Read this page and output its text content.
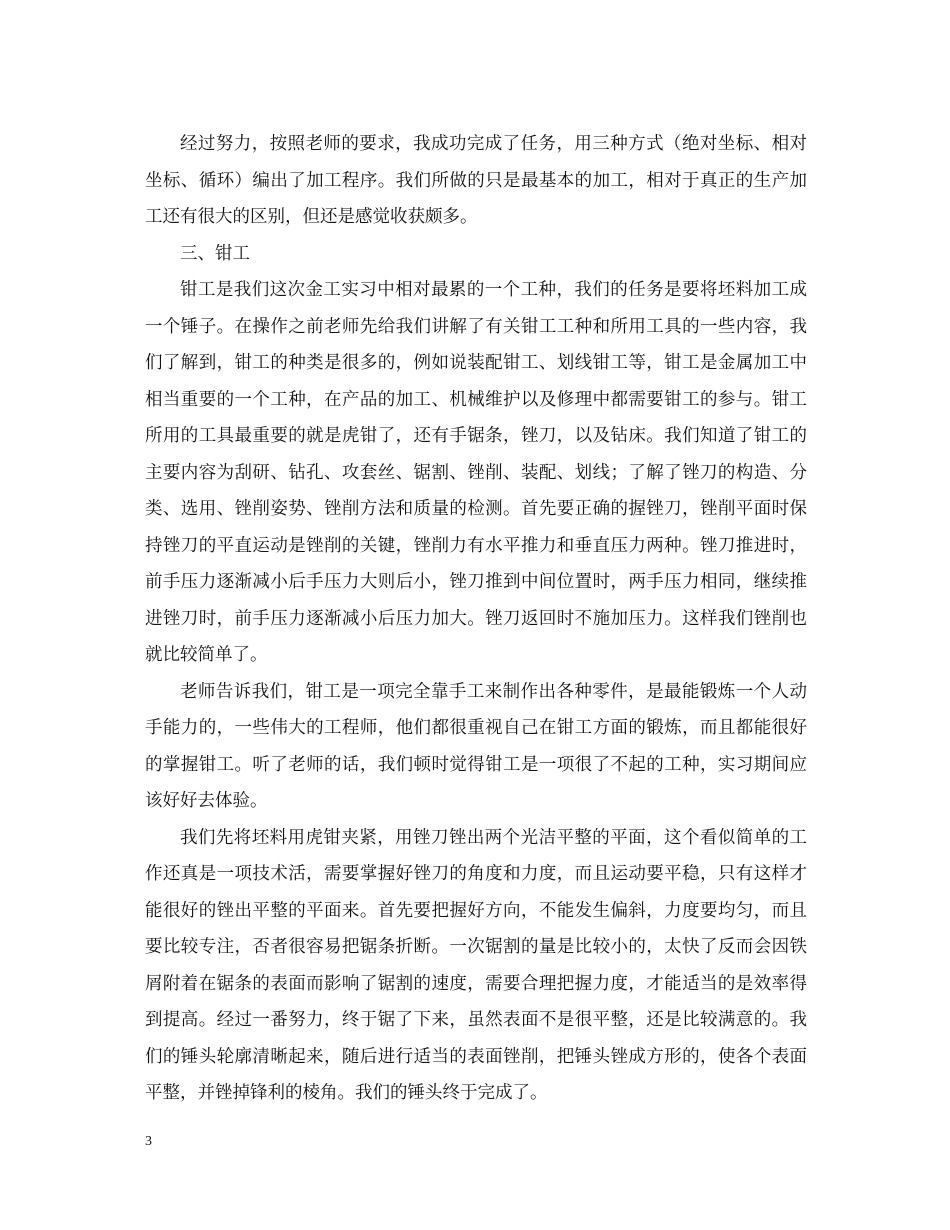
经过努力，按照老师的要求，我成功完成了任务，用三种方式（绝对坐标、相对坐标、循环）编出了加工程序。我们所做的只是最基本的加工，相对于真正的生产加工还有很大的区别，但还是感觉收获颇多。

三、钳工

钳工是我们这次金工实习中相对最累的一个工种，我们的任务是要将坯料加工成一个锤子。在操作之前老师先给我们讲解了有关钳工工种和所用工具的一些内容，我们了解到，钳工的种类是很多的，例如说装配钳工、划线钳工等，钳工是金属加工中相当重要的一个工种，在产品的加工、机械维护以及修理中都需要钳工的参与。钳工所用的工具最重要的就是虎钳了，还有手锯条，锉刀，以及钻床。我们知道了钳工的主要内容为刮研、钻孔、攻套丝、锯割、锉削、装配、划线；了解了锉刀的构造、分类、选用、锉削姿势、锉削方法和质量的检测。首先要正确的握锉刀，锉削平面时保持锉刀的平直运动是锉削的关键，锉削力有水平推力和垂直压力两种。锉刀推进时，前手压力逐渐减小后手压力大则后小，锉刀推到中间位置时，两手压力相同，继续推进锉刀时，前手压力逐渐减小后压力加大。锉刀返回时不施加压力。这样我们锉削也就比较简单了。

老师告诉我们，钳工是一项完全靠手工来制作出各种零件，是最能锻炼一个人动手能力的，一些伟大的工程师，他们都很重视自己在钳工方面的锻炼，而且都能很好的掌握钳工。听了老师的话，我们顿时觉得钳工是一项很了不起的工种，实习期间应该好好去体验。

我们先将坯料用虎钳夹紧，用锉刀锉出两个光洁平整的平面，这个看似简单的工作还真是一项技术活，需要掌握好锉刀的角度和力度，而且运动要平稳，只有这样才能很好的锉出平整的平面来。首先要把握好方向，不能发生偏斜，力度要均匀，而且要比较专注，否者很容易把锯条折断。一次锯割的量是比较小的，太快了反而会因铁屑附着在锯条的表面而影响了锯割的速度，需要合理把握力度，才能适当的是效率得到提高。经过一番努力，终于锯了下来，虽然表面不是很平整，还是比较满意的。我们的锤头轮廓清晰起来，随后进行适当的表面锉削，把锤头锉成方形的，使各个表面平整，并锉掉锋利的棱角。我们的锤头终于完成了。

3
